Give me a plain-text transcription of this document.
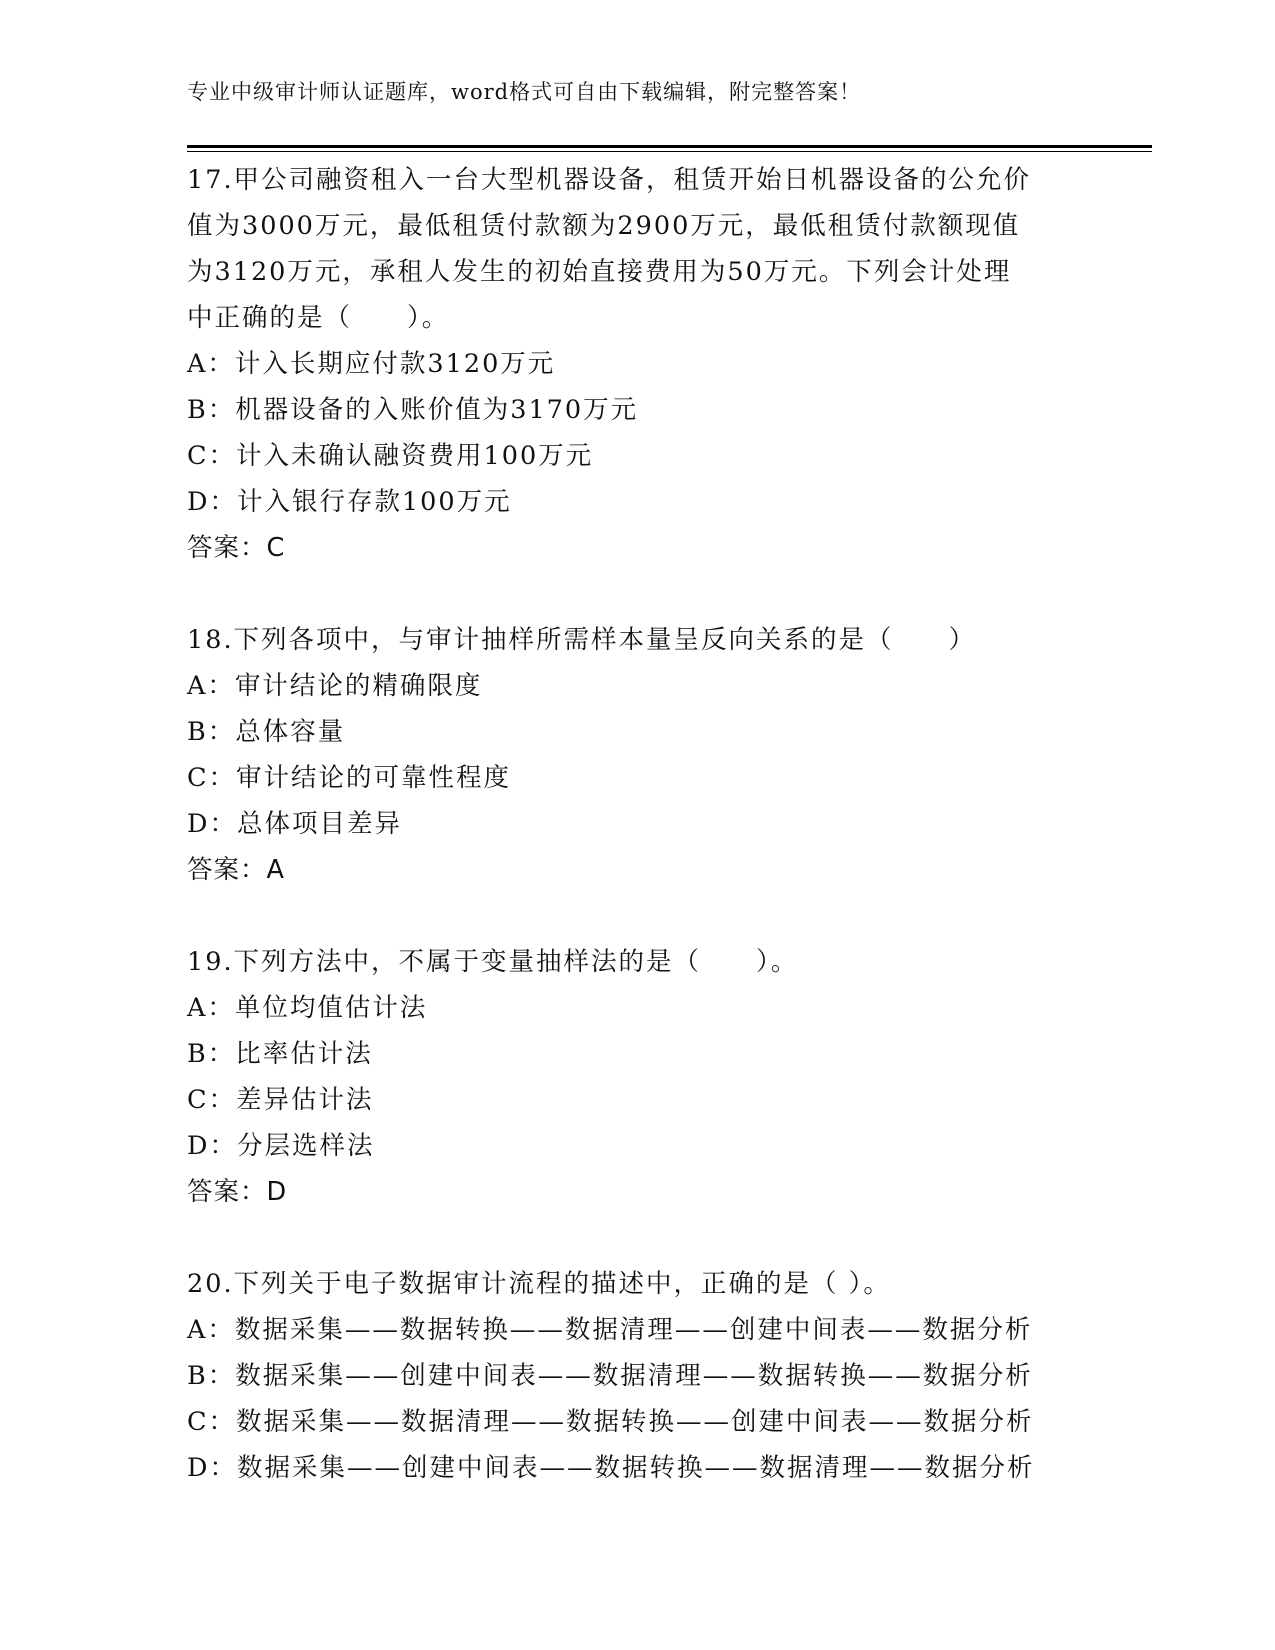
专业中级审计师认证题库，word格式可自由下载编辑，附完整答案！
17.甲公司融资租入一台大型机器设备，租赁开始日机器设备的公允价
值为3000万元，最低租赁付款额为2900万元，最低租赁付款额现值
为3120万元，承租人发生的初始直接费用为50万元。下列会计处理
中正确的是（　　）。
A：计入长期应付款3120万元
B：机器设备的入账价值为3170万元
C：计入未确认融资费用100万元
D：计入银行存款100万元
答案：C
18.下列各项中，与审计抽样所需样本量呈反向关系的是（　　）
A：审计结论的精确限度
B：总体容量
C：审计结论的可靠性程度
D：总体项目差异
答案：A
19.下列方法中，不属于变量抽样法的是（　　）。
A：单位均值估计法
B：比率估计法
C：差异估计法
D：分层选样法
答案：D
20.下列关于电子数据审计流程的描述中，正确的是（ ）。
A：数据采集——数据转换——数据清理——创建中间表——数据分析
B：数据采集——创建中间表——数据清理——数据转换——数据分析
C：数据采集——数据清理——数据转换——创建中间表——数据分析
D：数据采集——创建中间表——数据转换——数据清理——数据分析
